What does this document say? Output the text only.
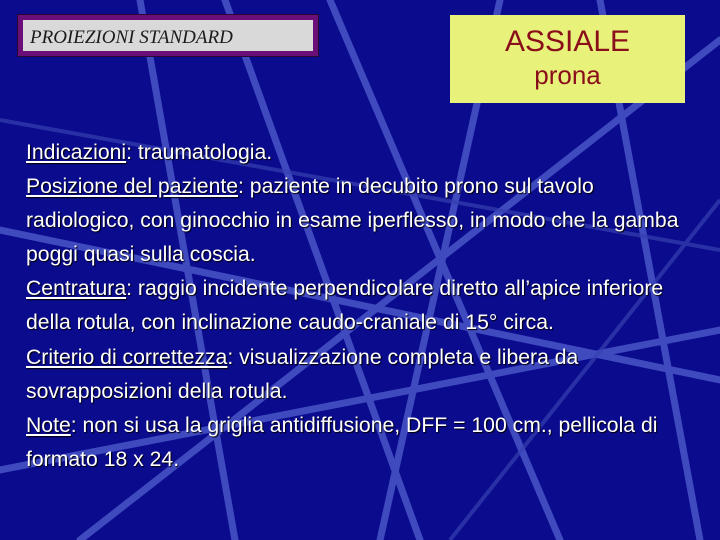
PROIEZIONI STANDARD	ASSIALE
prona

Indicazioni: traumatologia.

Posizione del paziente: paziente in decubito prono sul tavolo radiologico, con ginocchio in esame iperflesso, in modo che la gamba poggi quasi sulla coscia.

Centratura: raggio incidente perpendicolare diretto all’apice inferiore della rotula, con inclinazione caudo-craniale di 15° circa.

Criterio di correttezza: visualizzazione completa e libera da sovrapposizioni della rotula.

Note: non si usa la griglia antidiffusione, DFF = 100 cm., pellicola di formato 18 x 24.
